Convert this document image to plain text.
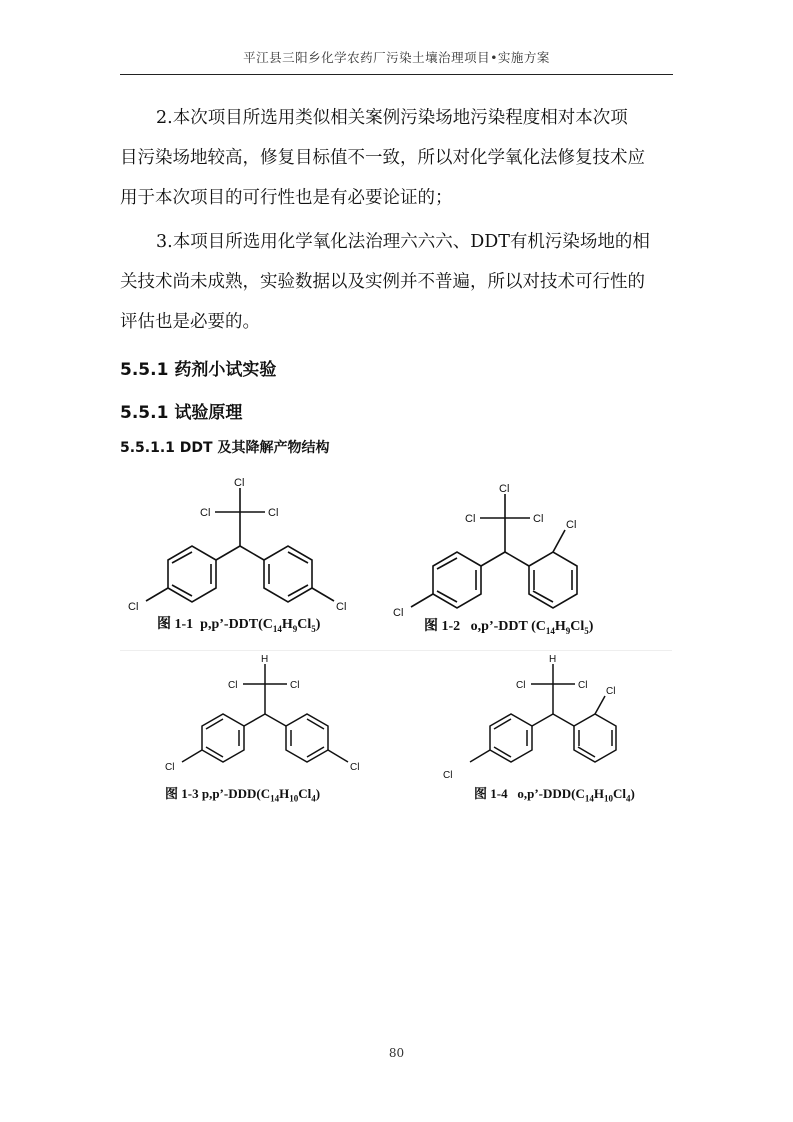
平江县三阳乡化学农药厂污染土壤治理项目•实施方案

2.本次项目所选用类似相关案例污染场地污染程度相对本次项
目污染场地较高，修复目标值不一致，所以对化学氧化法修复技术应
用于本次项目的可行性也是有必要论证的；

3.本项目所选用化学氧化法治理六六六、DDT有机污染场地的相
关技术尚未成熟，实验数据以及实例并不普遍，所以对技术可行性的
评估也是必要的。

5.5.1 药剂小试实验
5.5.1 试验原理
5.5.1.1 DDT 及其降解产物结构
Cl
Cl	Cl
Cl	Cl
图 1-1 $p,p’-DDT(C_{14}H_9Cl_5)$
Cl
Cl	Cl
Cl
Cl
图 1-2 o,p’-DDT $(C_{14}H_9Cl_5)$
H
Cl	Cl
Cl	Cl
图 1-3 $p,p’-DDD(C_{14}H_{10}Cl_4)$
H
Cl	Cl
Cl
Cl
图 1-4 $o,p’-DDD(C_{14}H_{10}Cl_4)$
80
